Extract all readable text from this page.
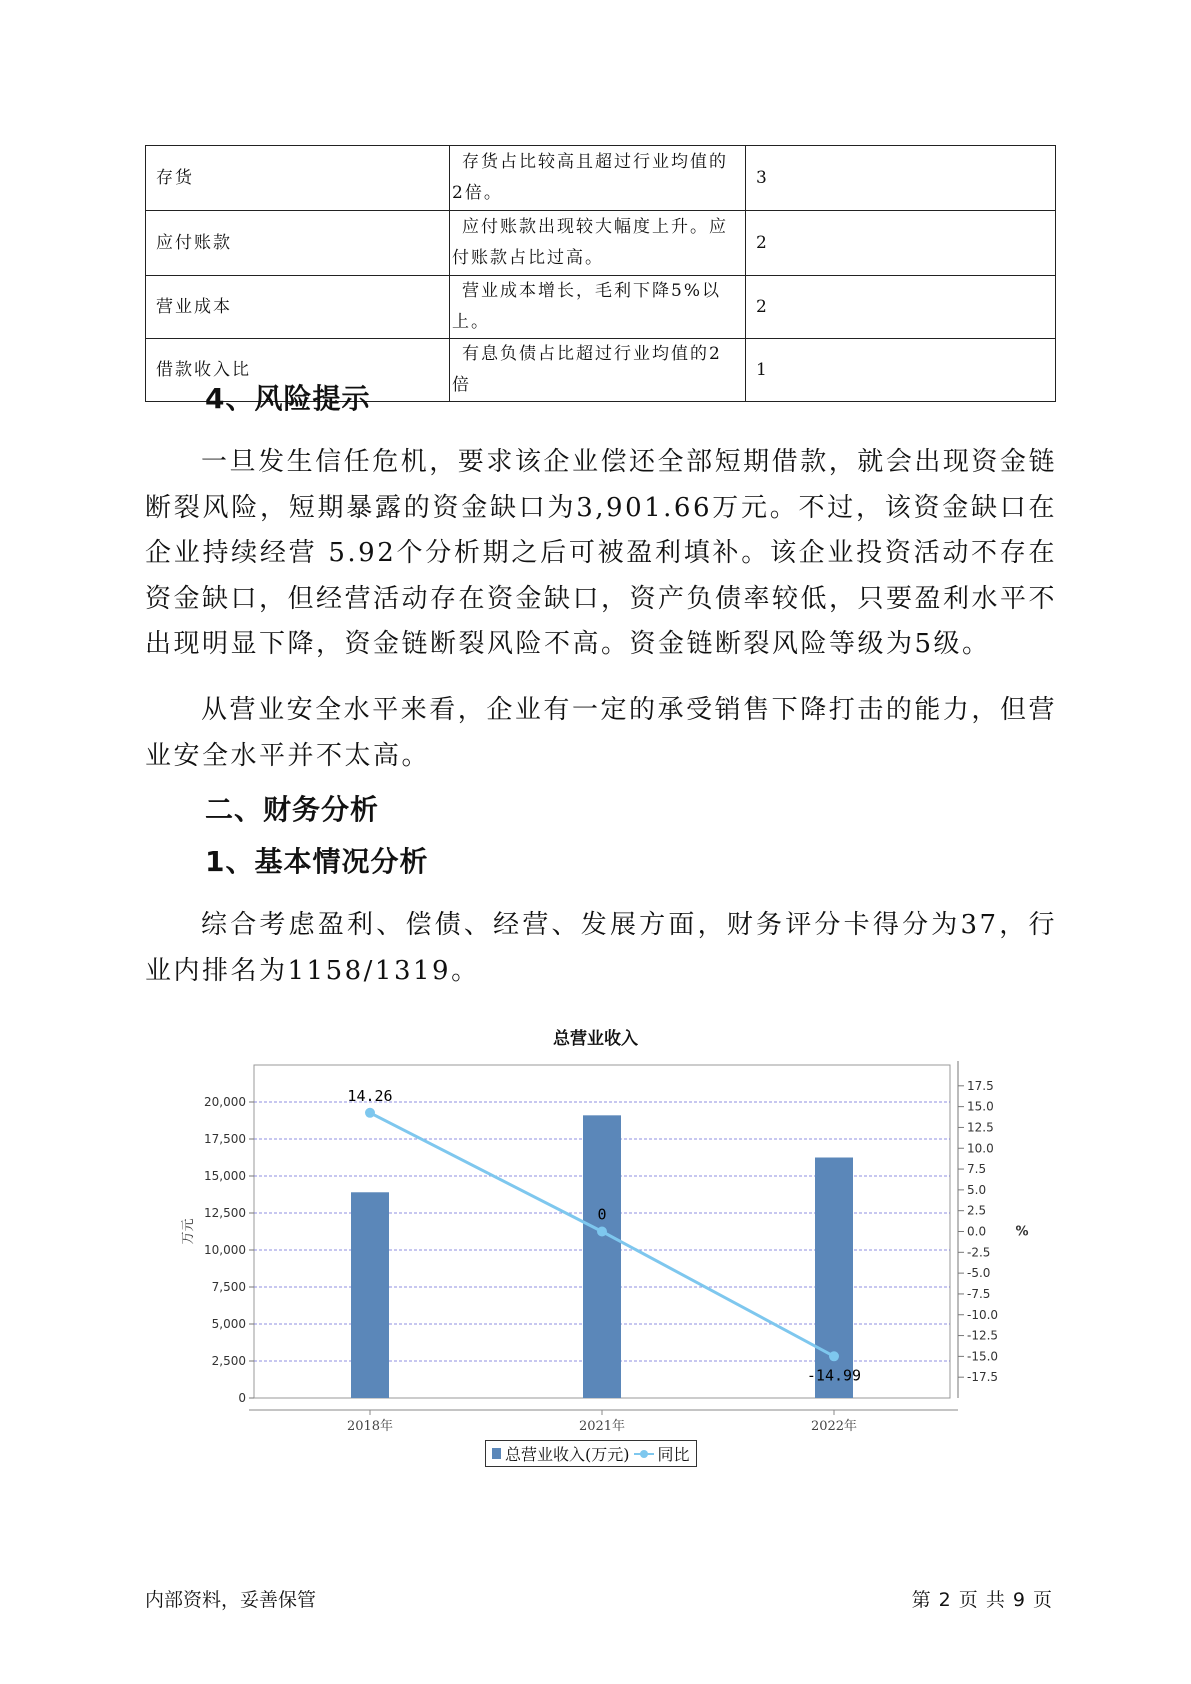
存货	存货占比较高且超过行业均值的2倍。	3
应付账款	应付账款出现较大幅度上升。应付账款占比过高。	2
营业成本	营业成本增长，毛利下降5%以上。	2
借款收入比	有息负债占比超过行业均值的2倍	1
4、风险提示

一旦发生信任危机，要求该企业偿还全部短期借款，就会出现资金链断裂风险，短期暴露的资金缺口为3,901.66万元。不过，该资金缺口在企业持续经营 5.92个分析期之后可被盈利填补。该企业投资活动不存在资金缺口，但经营活动存在资金缺口，资产负债率较低，只要盈利水平不出现明显下降，资金链断裂风险不高。资金链断裂风险等级为5级。

从营业安全水平来看，企业有一定的承受销售下降打击的能力，但营业安全水平并不太高。

二、财务分析
1、基本情况分析

综合考虑盈利、偿债、经营、发展方面，财务评分卡得分为37，行业内排名为1158/1319。

总营业收入
0
2,500
5,000
7,500
10,000
12,500
15,000
17,500
20,000
-17.5
-15.0
-12.5
-10.0
-7.5
-5.0
-2.5
0.0
2.5
5.0
7.5
10.0
12.5
15.0
17.5
2018年	2021年	2022年
万元	%
14.26
0
-14.99
总营业收入(万元) 同比
内部资料，妥善保管	第 2 页 共 9 页
